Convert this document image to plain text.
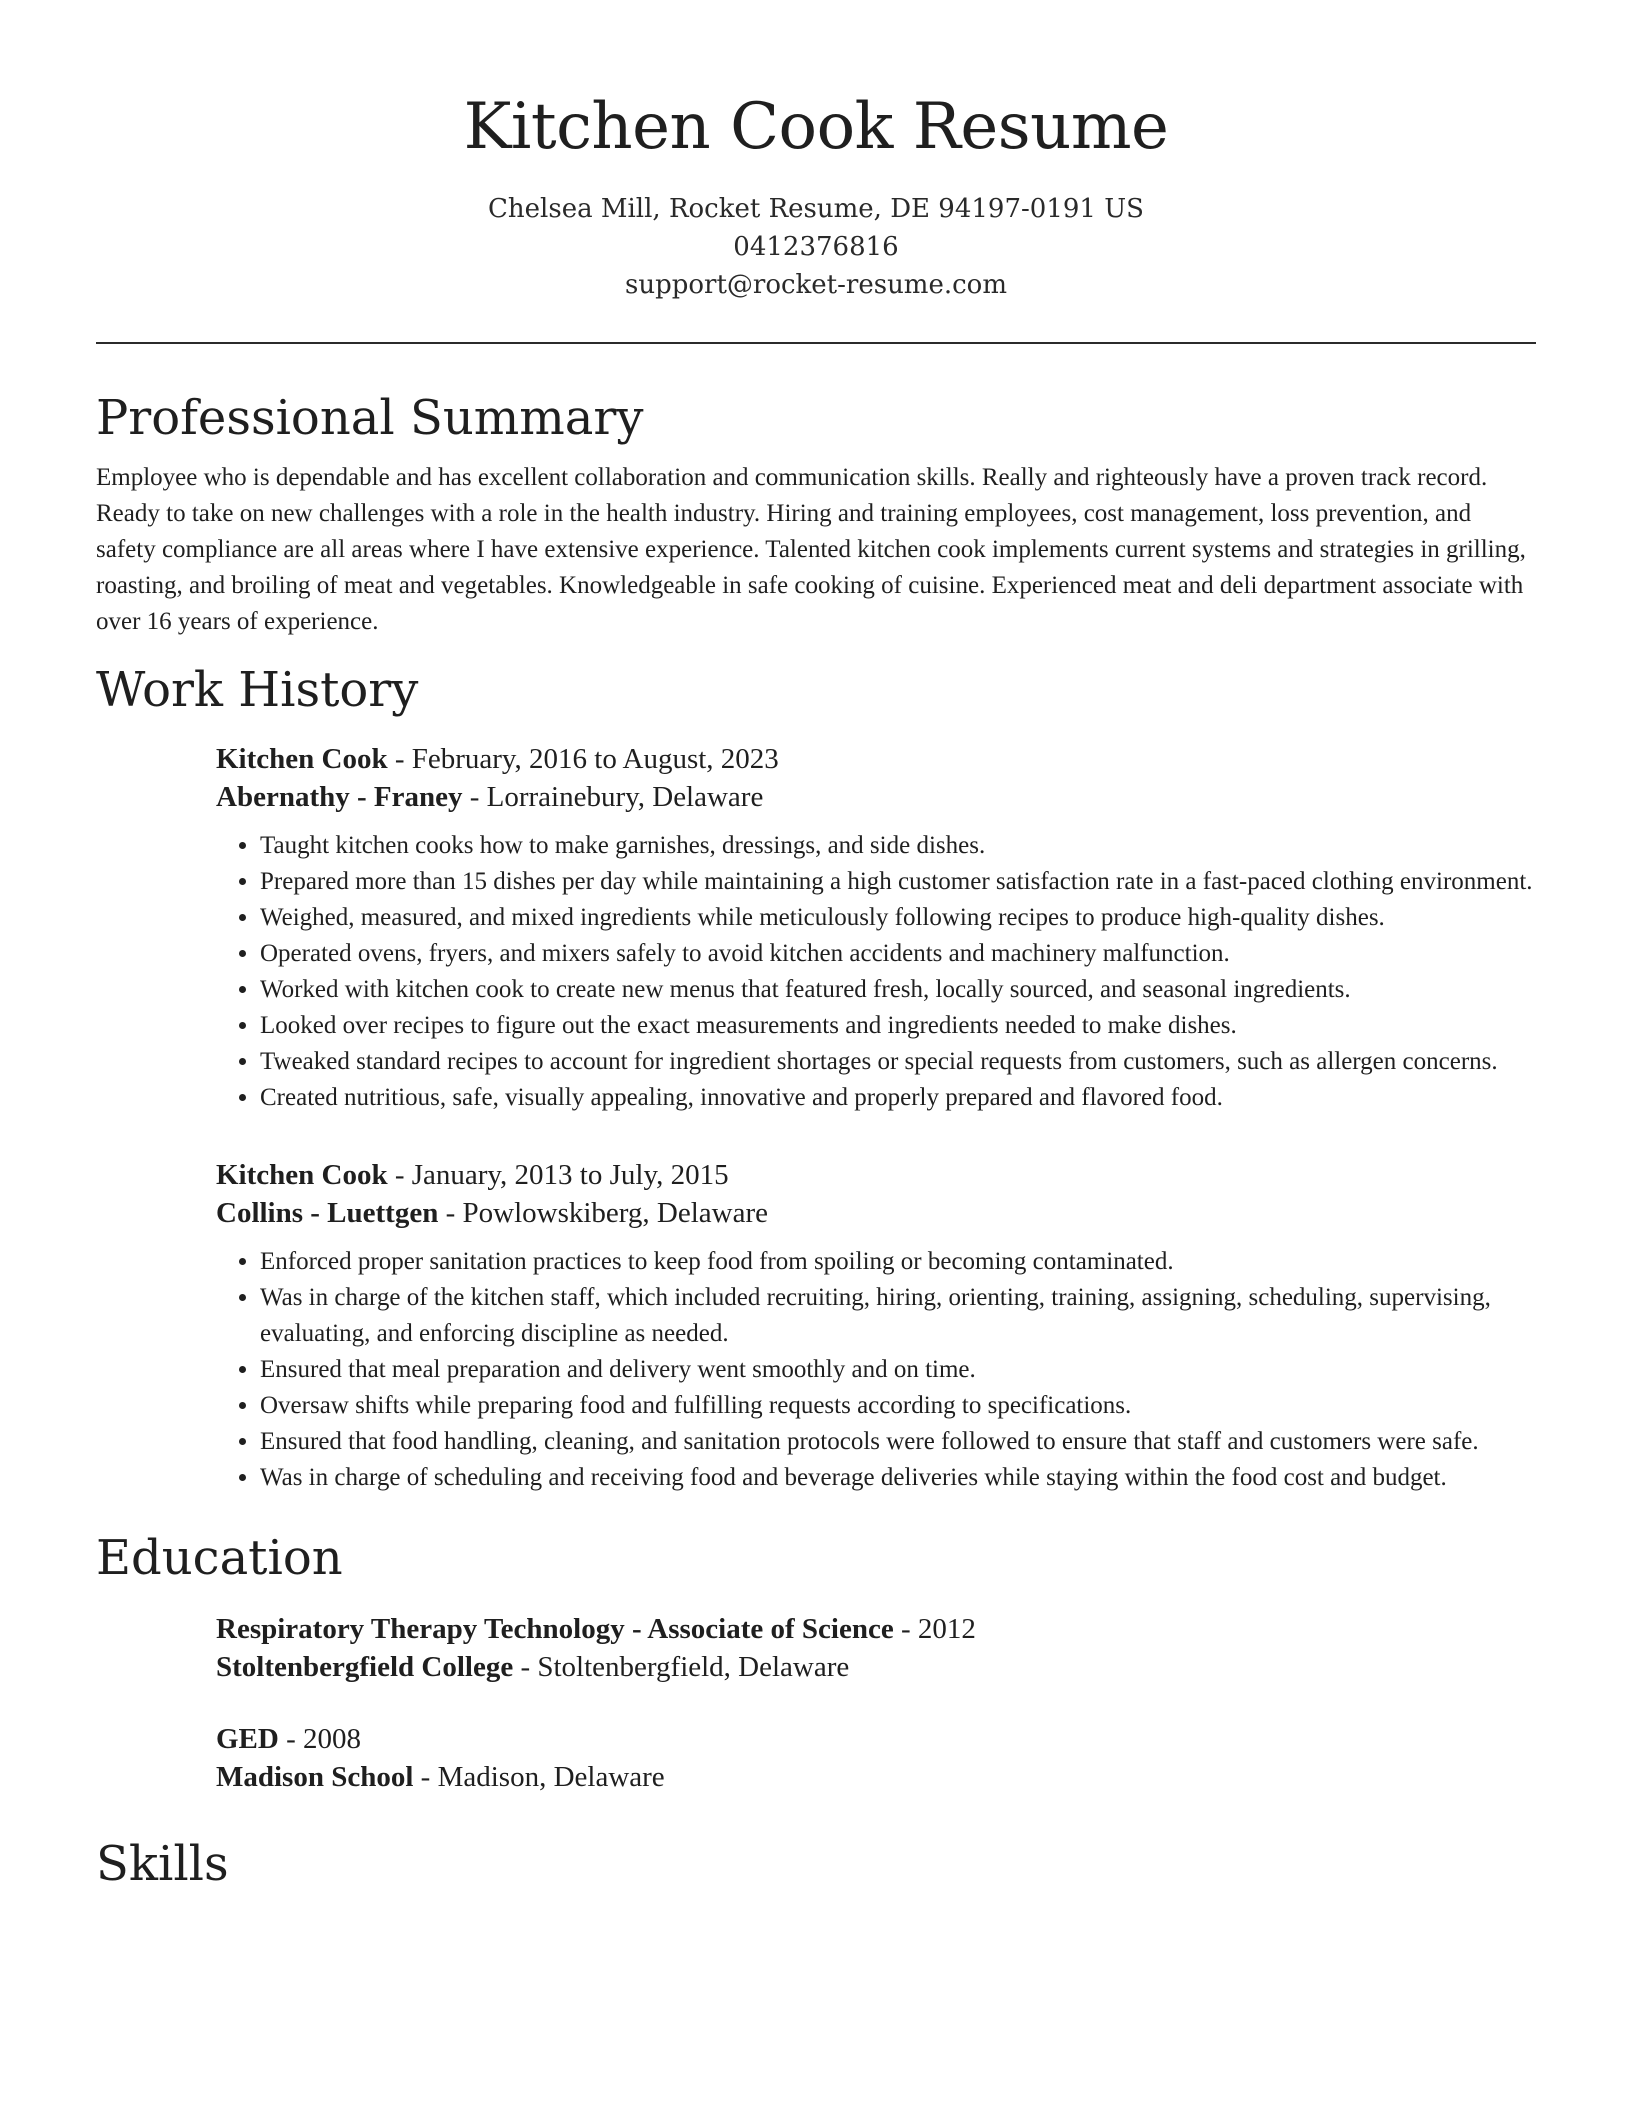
Kitchen Cook Resume
Chelsea Mill, Rocket Resume, DE 94197-0191 US
0412376816
support@rocket-resume.com
Professional Summary

Employee who is dependable and has excellent collaboration and communication skills. Really and righteously have a proven track record. Ready to take on new challenges with a role in the health industry. Hiring and training employees, cost management, loss prevention, and safety compliance are all areas where I have extensive experience. Talented kitchen cook implements current systems and strategies in grilling, roasting, and broiling of meat and vegetables. Knowledgeable in safe cooking of cuisine. Experienced meat and deli department associate with over 16 years of experience.

Work History

Kitchen Cook - February, 2016 to August, 2023

Abernathy - Franey - Lorrainebury, Delaware

• Taught kitchen cooks how to make garnishes, dressings, and side dishes.
• Prepared more than 15 dishes per day while maintaining a high customer satisfaction rate in a fast-paced clothing environment.
• Weighed, measured, and mixed ingredients while meticulously following recipes to produce high-quality dishes.
• Operated ovens, fryers, and mixers safely to avoid kitchen accidents and machinery malfunction.
• Worked with kitchen cook to create new menus that featured fresh, locally sourced, and seasonal ingredients.
• Looked over recipes to figure out the exact measurements and ingredients needed to make dishes.
• Tweaked standard recipes to account for ingredient shortages or special requests from customers, such as allergen concerns.
• Created nutritious, safe, visually appealing, innovative and properly prepared and flavored food.

Kitchen Cook - January, 2013 to July, 2015

Collins - Luettgen - Powlowskiberg, Delaware

• Enforced proper sanitation practices to keep food from spoiling or becoming contaminated.
• Was in charge of the kitchen staff, which included recruiting, hiring, orienting, training, assigning, scheduling, supervising, evaluating, and enforcing discipline as needed.
• Ensured that meal preparation and delivery went smoothly and on time.
• Oversaw shifts while preparing food and fulfilling requests according to specifications.
• Ensured that food handling, cleaning, and sanitation protocols were followed to ensure that staff and customers were safe.
• Was in charge of scheduling and receiving food and beverage deliveries while staying within the food cost and budget.
Education

Respiratory Therapy Technology - Associate of Science - 2012

Stoltenbergfield College - Stoltenbergfield, Delaware

GED - 2008

Madison School - Madison, Delaware

Skills
